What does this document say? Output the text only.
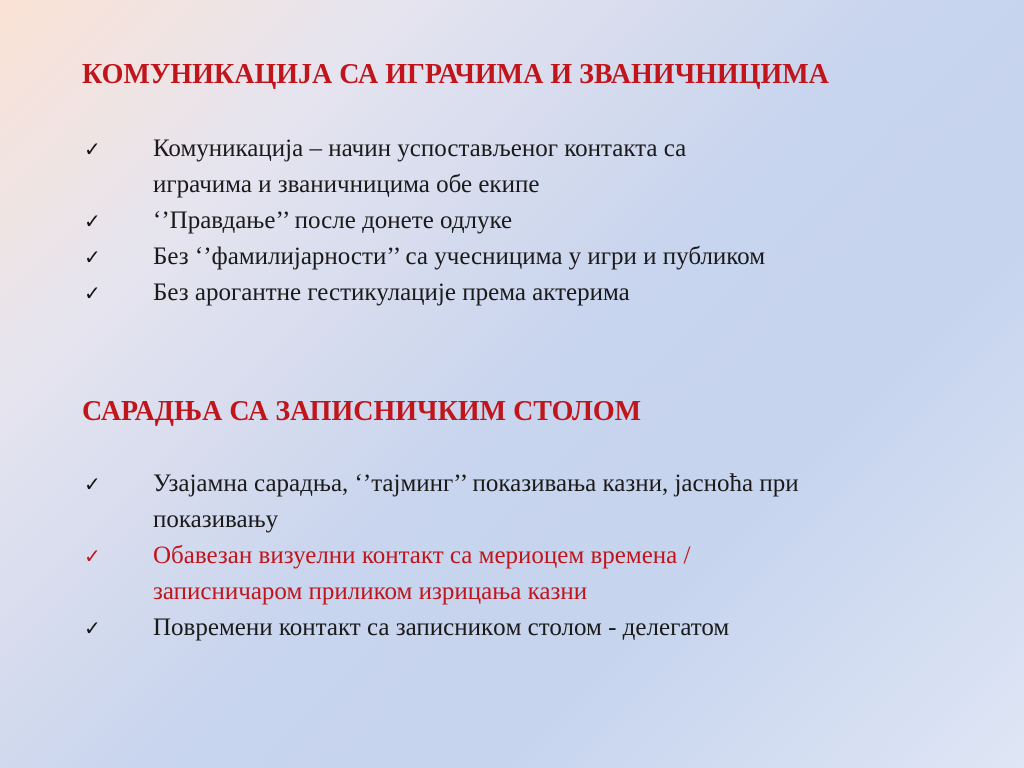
КОМУНИКАЦИЈА СА ИГРАЧИМА И ЗВАНИЧНИЦИМА
✓ Комуникација – начин успостављеног контакта са
играчима и званичницима обе екипе
✓ ‘’Правдање’’ после донете одлуке
✓ Без ‘’фамилијарности’’ са учесницима у игри и публиком
✓ Без арогантне гестикулације према актерима
САРАДЊА СА ЗАПИСНИЧКИМ СТОЛОМ
✓ Узајамна сарадња, ‘’тајминг’’ показивања казни, јасноћа при
показивању
✓ Обавезан визуелни контакт са мериоцем времена /
записничаром приликом изрицања казни
✓ Повремени контакт са записникoм столом - делегатом
